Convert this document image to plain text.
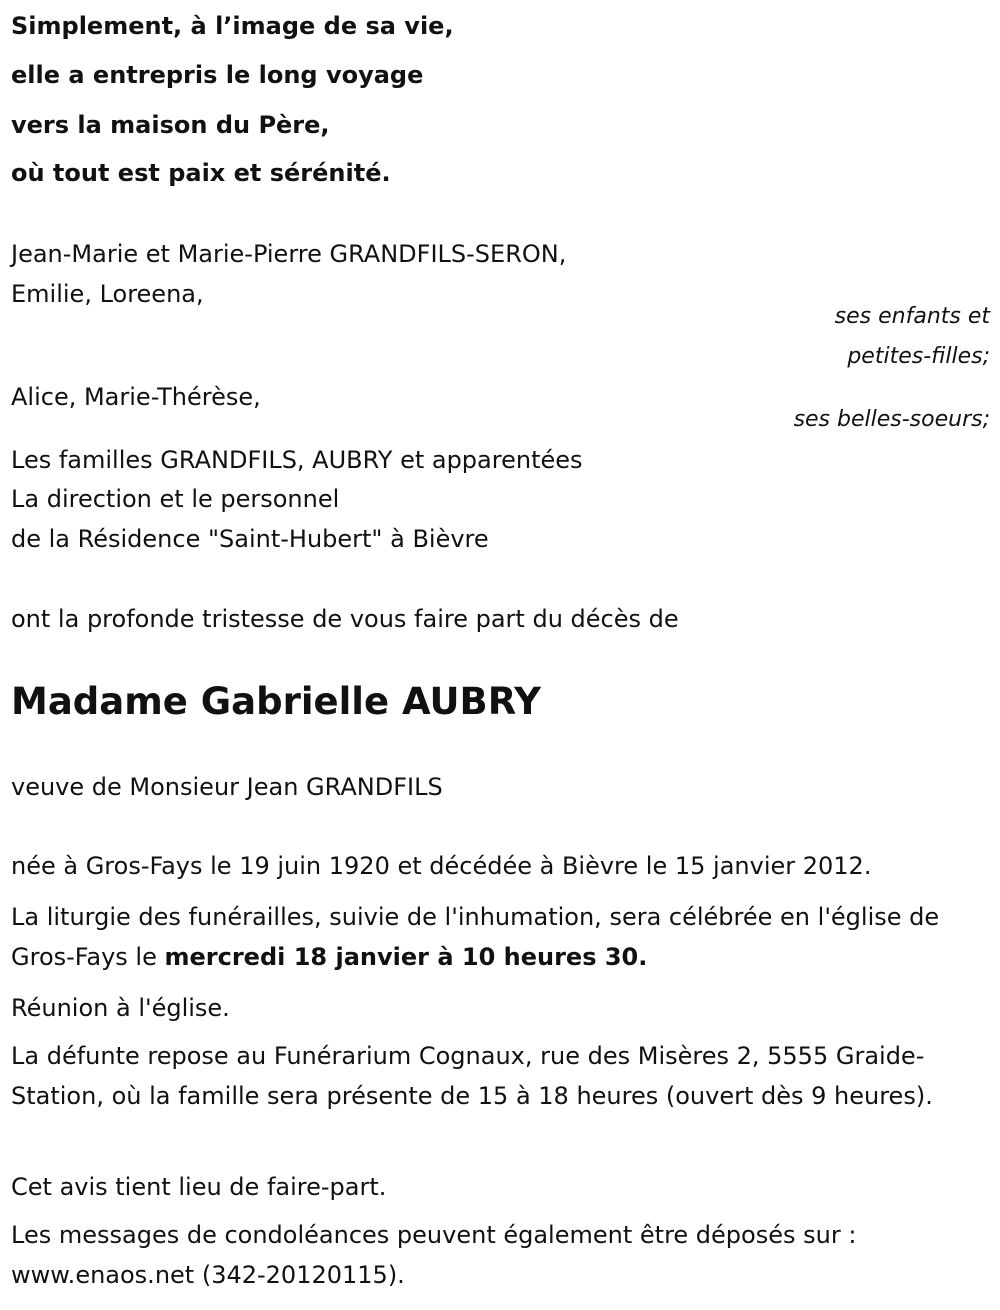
Simplement, à l’image de sa vie,
elle a entrepris le long voyage
vers la maison du Père,
où tout est paix et sérénité.
Jean-Marie et Marie-Pierre GRANDFILS-SERON,
Emilie, Loreena,
ses enfants et
petites-filles;
Alice, Marie-Thérèse,
ses belles-soeurs;
Les familles GRANDFILS, AUBRY et apparentées
La direction et le personnel
de la Résidence "Saint-Hubert" à Bièvre
ont la profonde tristesse de vous faire part du décès de
Madame Gabrielle AUBRY
veuve de Monsieur Jean GRANDFILS
née à Gros-Fays le 19 juin 1920 et décédée à Bièvre le 15 janvier 2012.
La liturgie des funérailles, suivie de l'inhumation, sera célébrée en l'église de Gros-Fays le mercredi 18 janvier à 10 heures 30.
Réunion à l'église.
La défunte repose au Funérarium Cognaux, rue des Misères 2, 5555 Graide-Station, où la famille sera présente de 15 à 18 heures (ouvert dès 9 heures).
Cet avis tient lieu de faire-part.
Les messages de condoléances peuvent également être déposés sur : www.enaos.net (342-20120115).
